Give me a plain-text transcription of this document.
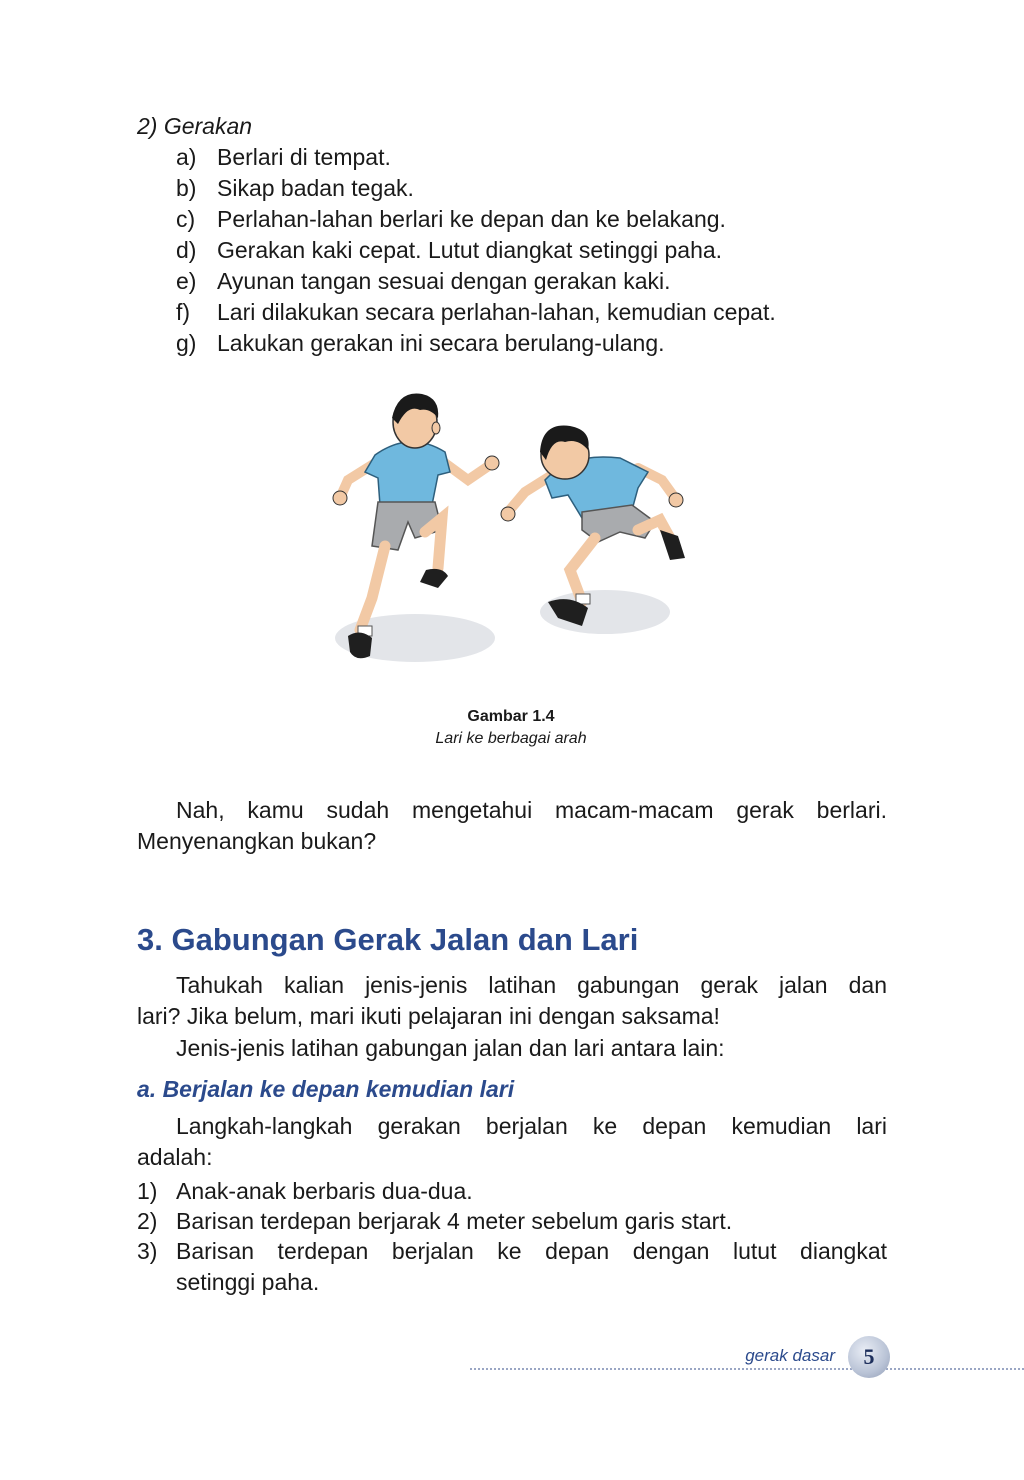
2) Gerakan
a) Berlari di tempat.
b) Sikap badan tegak.
c) Perlahan-lahan berlari ke depan dan ke belakang.
d) Gerakan kaki cepat. Lutut diangkat setinggi paha.
e) Ayunan tangan sesuai dengan gerakan kaki.
f) Lari dilakukan secara perlahan-lahan, kemudian cepat.
g) Lakukan gerakan ini secara berulang-ulang.
Gambar 1.4
Lari ke berbagai arah
Nah, kamu sudah mengetahui macam-macam gerak berlari.
Menyenangkan bukan?
3. Gabungan Gerak Jalan dan Lari
Tahukah kalian jenis-jenis latihan gabungan gerak jalan dan
lari? Jika belum, mari ikuti pelajaran ini dengan saksama!
Jenis-jenis latihan gabungan jalan dan lari antara lain:
a. Berjalan ke depan kemudian lari
Langkah-langkah gerakan berjalan ke depan kemudian lari
adalah:
1) Anak-anak berbaris dua-dua.
2) Barisan terdepan berjarak 4 meter sebelum garis start.
3) Barisan terdepan berjalan ke depan dengan lutut diangkat
setinggi paha.
gerak dasar	5
